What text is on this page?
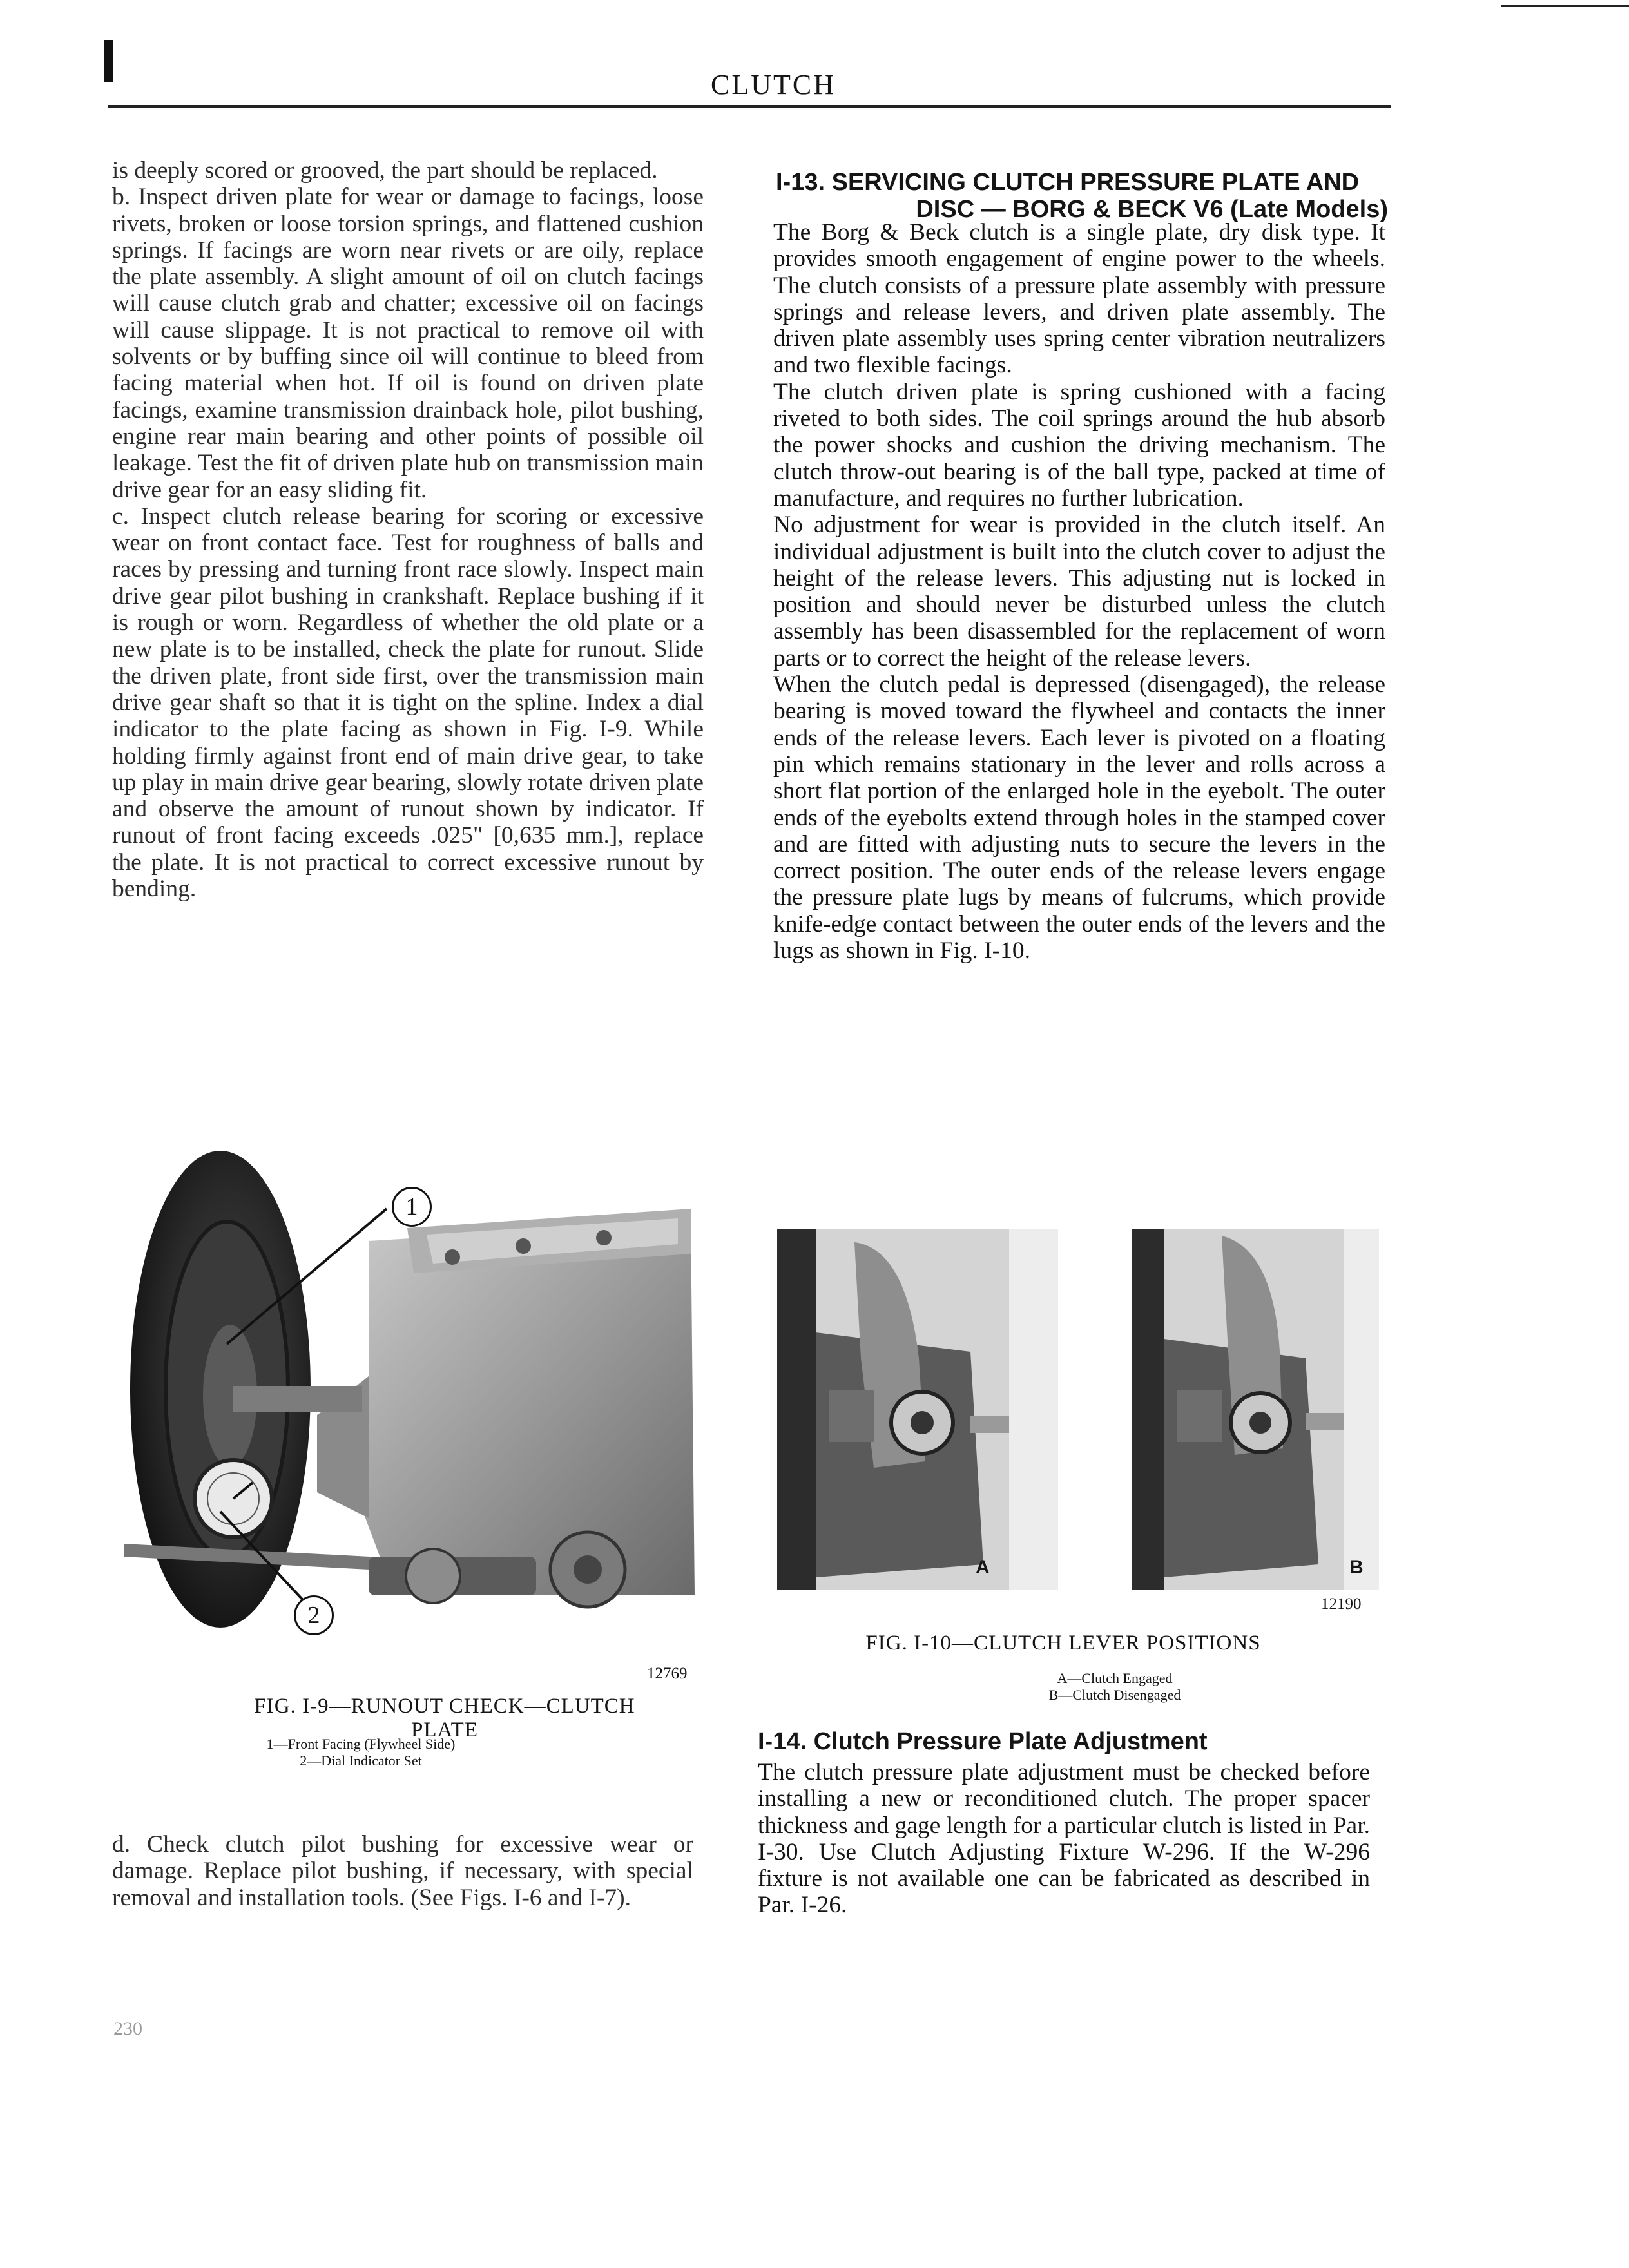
CLUTCH

is deeply scored or grooved, the part should be replaced.

b. Inspect driven plate for wear or damage to facings, loose rivets, broken or loose torsion springs, and flattened cushion springs. If facings are worn near rivets or are oily, replace the plate assembly. A slight amount of oil on clutch facings will cause clutch grab and chatter; excessive oil on facings will cause slippage. It is not practical to remove oil with solvents or by buffing since oil will continue to bleed from facing material when hot. If oil is found on driven plate facings, examine transmission drainback hole, pilot bushing, engine rear main bearing and other points of possible oil leakage. Test the fit of driven plate hub on transmission main drive gear for an easy sliding fit.

c. Inspect clutch release bearing for scoring or excessive wear on front contact face. Test for roughness of balls and races by pressing and turning front race slowly. Inspect main drive gear pilot bushing in crankshaft. Replace bushing if it is rough or worn. Regardless of whether the old plate or a new plate is to be installed, check the plate for runout. Slide the driven plate, front side first, over the transmission main drive gear shaft so that it is tight on the spline. Index a dial indicator to the plate facing as shown in Fig. I-9. While holding firmly against front end of main drive gear, to take up play in main drive gear bearing, slowly rotate driven plate and observe the amount of runout shown by indicator. If runout of front facing exceeds .025" [0,635 mm.], replace the plate. It is not practical to correct excessive runout by bending.

I-13. SERVICING CLUTCH PRESSURE PLATE AND
DISC — BORG & BECK V6 (Late Models)

The Borg & Beck clutch is a single plate, dry disk type. It provides smooth engagement of engine power to the wheels. The clutch consists of a pressure plate assembly with pressure springs and release levers, and driven plate assembly. The driven plate assembly uses spring center vibration neutralizers and two flexible facings.

The clutch driven plate is spring cushioned with a facing riveted to both sides. The coil springs around the hub absorb the power shocks and cushion the driving mechanism. The clutch throw-out bearing is of the ball type, packed at time of manufacture, and requires no further lubrication.

No adjustment for wear is provided in the clutch itself. An individual adjustment is built into the clutch cover to adjust the height of the release levers. This adjusting nut is locked in position and should never be disturbed unless the clutch assembly has been disassembled for the replacement of worn parts or to correct the height of the release levers.

When the clutch pedal is depressed (disengaged), the release bearing is moved toward the flywheel and contacts the inner ends of the release levers. Each lever is pivoted on a floating pin which remains stationary in the lever and rolls across a short flat portion of the enlarged hole in the eyebolt. The outer ends of the eyebolts extend through holes in the stamped cover and are fitted with adjusting nuts to secure the levers in the correct position. The outer ends of the release levers engage the pressure plate lugs by means of fulcrums, which provide knife-edge contact between the outer ends of the levers and the lugs as shown in Fig. I-10.

1
2
12769
FIG. I-9—RUNOUT CHECK—CLUTCH PLATE
1—Front Facing (Flywheel Side)
2—Dial Indicator Set

d. Check clutch pilot bushing for excessive wear or damage. Replace pilot bushing, if necessary, with special removal and installation tools. (See Figs. I-6 and I-7).

A	B
12190
FIG. I-10—CLUTCH LEVER POSITIONS
A—Clutch Engaged
B—Clutch Disengaged
I-14. Clutch Pressure Plate Adjustment

The clutch pressure plate adjustment must be checked before installing a new or reconditioned clutch. The proper spacer thickness and gage length for a particular clutch is listed in Par. I-30. Use Clutch Adjusting Fixture W-296. If the W-296 fixture is not available one can be fabricated as described in Par. I-26.

230
